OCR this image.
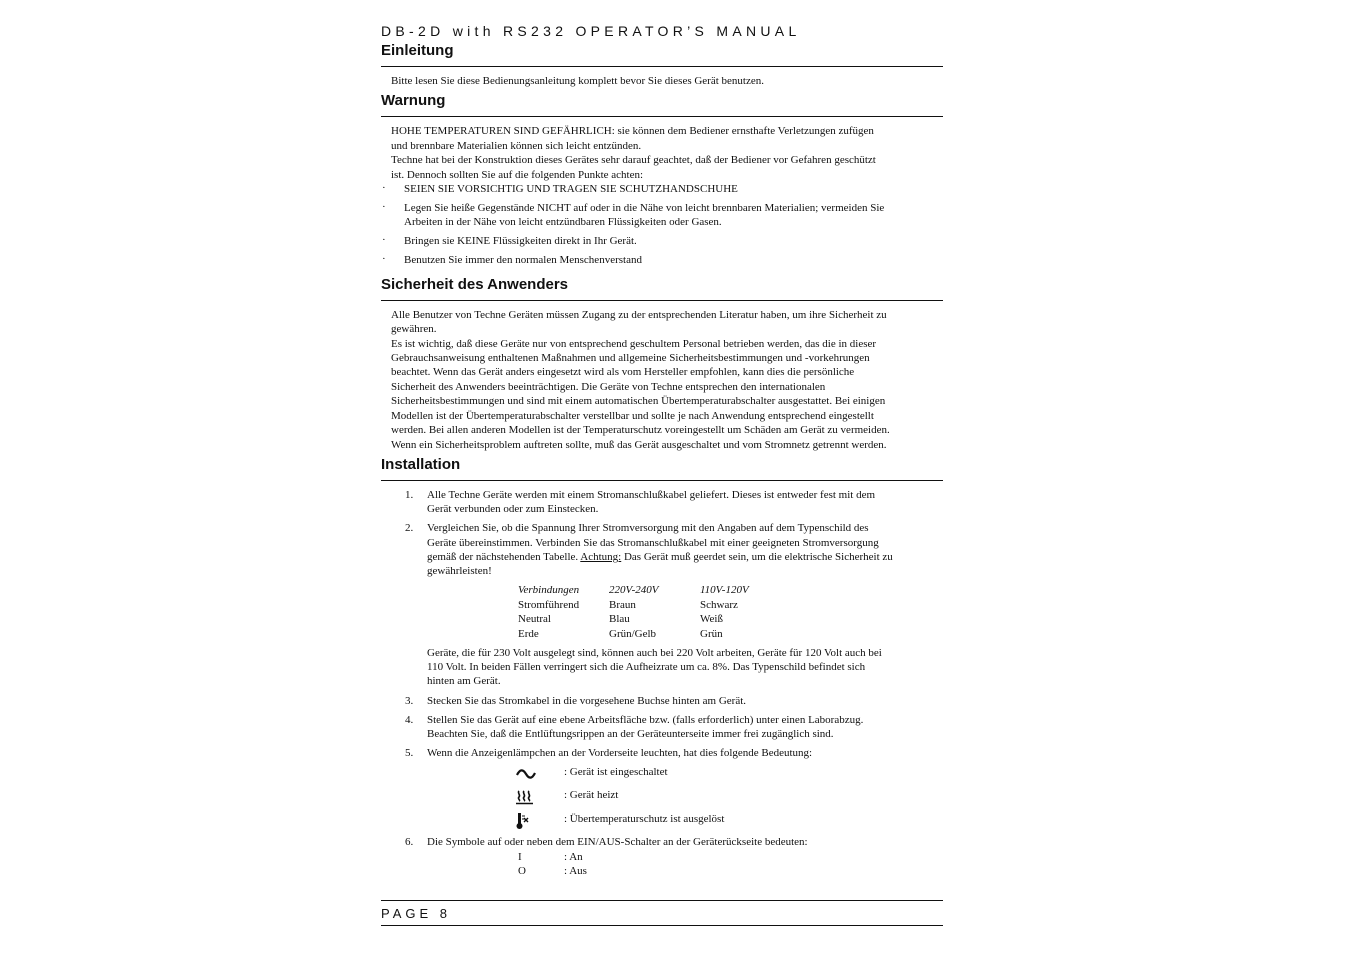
DB-2D with RS232 OPERATOR’S MANUAL
Einleitung
Bitte lesen Sie diese Bedienungsanleitung komplett bevor Sie dieses Gerät benutzen.
Warnung
HOHE TEMPERATUREN SIND GEFÄHRLICH: sie können dem Bediener ernsthafte Verletzungen zufügen
und brennbare Materialien können sich leicht entzünden.
Techne hat bei der Konstruktion dieses Gerätes sehr darauf geachtet, daß der Bediener vor Gefahren geschützt
ist. Dennoch sollten Sie auf die folgenden Punkte achten:
· SEIEN SIE VORSICHTIG UND TRAGEN SIE SCHUTZHANDSCHUHE
· Legen Sie heiße Gegenstände NICHT auf oder in die Nähe von leicht brennbaren Materialien; vermeiden Sie
Arbeiten in der Nähe von leicht entzündbaren Flüssigkeiten oder Gasen.
· Bringen sie KEINE Flüssigkeiten direkt in Ihr Gerät.
· Benutzen Sie immer den normalen Menschenverstand
Sicherheit des Anwenders
Alle Benutzer von Techne Geräten müssen Zugang zu der entsprechenden Literatur haben, um ihre Sicherheit zu
gewähren.
Es ist wichtig, daß diese Geräte nur von entsprechend geschultem Personal betrieben werden, das die in dieser
Gebrauchsanweisung enthaltenen Maßnahmen und allgemeine Sicherheitsbestimmungen und -vorkehrungen
beachtet. Wenn das Gerät anders eingesetzt wird als vom Hersteller empfohlen, kann dies die persönliche
Sicherheit des Anwenders beeinträchtigen. Die Geräte von Techne entsprechen den internationalen
Sicherheitsbestimmungen und sind mit einem automatischen Übertemperaturabschalter ausgestattet. Bei einigen
Modellen ist der Übertemperaturabschalter verstellbar und sollte je nach Anwendung entsprechend eingestellt
werden. Bei allen anderen Modellen ist der Temperaturschutz voreingestellt um Schäden am Gerät zu vermeiden.
Wenn ein Sicherheitsproblem auftreten sollte, muß das Gerät ausgeschaltet und vom Stromnetz getrennt werden.
Installation
1. Alle Techne Geräte werden mit einem Stromanschlußkabel geliefert. Dieses ist entweder fest mit dem
Gerät verbunden oder zum Einstecken.
2. Vergleichen Sie, ob die Spannung Ihrer Stromversorgung mit den Angaben auf dem Typenschild des
Geräte übereinstimmen. Verbinden Sie das Stromanschlußkabel mit einer geeigneten Stromversorgung
gemäß der nächstehenden Tabelle. Achtung: Das Gerät muß geerdet sein, um die elektrische Sicherheit zu
gewährleisten!
Verbindungen	220V-240V	110V-120V
Stromführend	Braun	Schwarz
Neutral	Blau	Weiß
Erde	Grün/Gelb	Grün
Geräte, die für 230 Volt ausgelegt sind, können auch bei 220 Volt arbeiten, Geräte für 120 Volt auch bei
110 Volt. In beiden Fällen verringert sich die Aufheizrate um ca. 8%. Das Typenschild befindet sich
hinten am Gerät.
3. Stecken Sie das Stromkabel in die vorgesehene Buchse hinten am Gerät.
4. Stellen Sie das Gerät auf eine ebene Arbeitsfläche bzw. (falls erforderlich) unter einen Laborabzug.
Beachten Sie, daß die Entlüftungsrippen an der Geräteunterseite immer frei zugänglich sind.
5. Wenn die Anzeigenlämpchen an der Vorderseite leuchten, hat dies folgende Bedeutung:
: Gerät ist eingeschaltet
: Gerät heizt
: Übertemperaturschutz ist ausgelöst
6. Die Symbole auf oder neben dem EIN/AUS-Schalter an der Geräterückseite bedeuten:
I	: An
O	: Aus
PAGE 8
